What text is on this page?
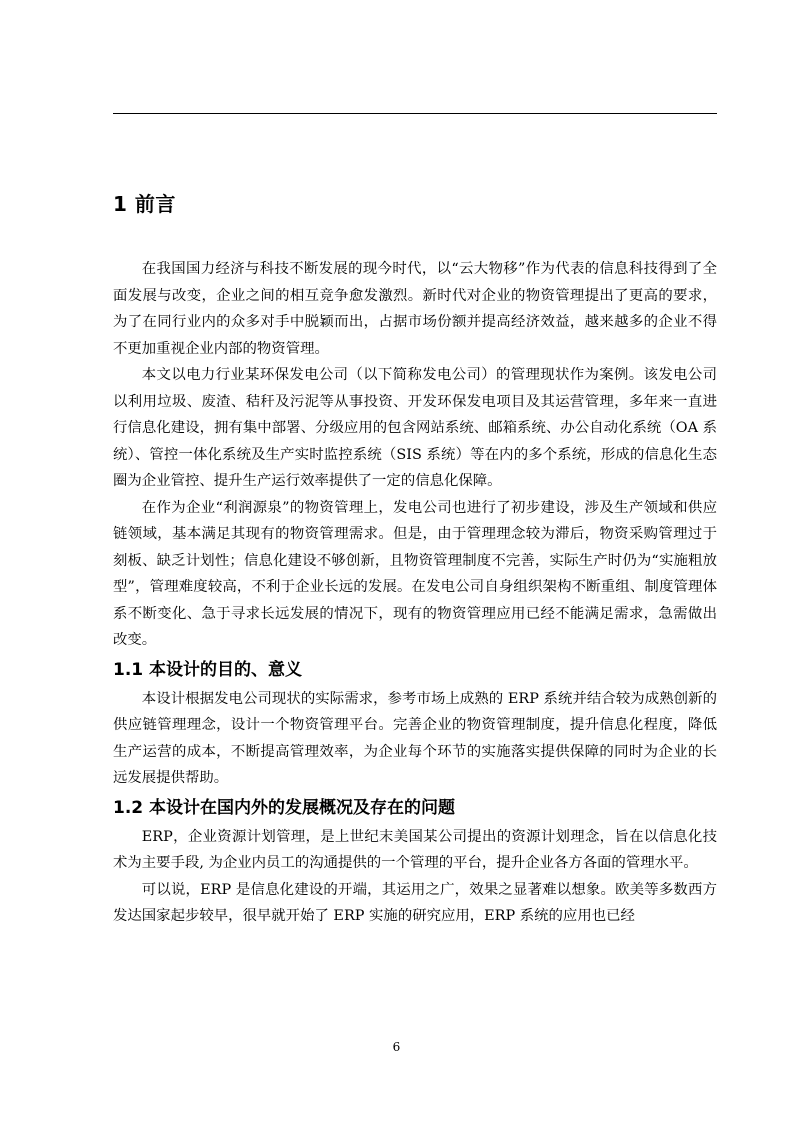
1 前言

在我国国力经济与科技不断发展的现今时代，以“云大物移”作为代表的信息科技得到了全面发展与改变，企业之间的相互竞争愈发激烈。新时代对企业的物资管理提出了更高的要求，为了在同行业内的众多对手中脱颖而出，占据市场份额并提高经济效益，越来越多的企业不得不更加重视企业内部的物资管理。

本文以电力行业某环保发电公司（以下简称发电公司）的管理现状作为案例。该发电公司以利用垃圾、废渣、秸秆及污泥等从事投资、开发环保发电项目及其运营管理，多年来一直进行信息化建设，拥有集中部署、分级应用的包含网站系统、邮箱系统、办公自动化系统（OA 系统）、管控一体化系统及生产实时监控系统（SIS 系统）等在内的多个系统，形成的信息化生态圈为企业管控、提升生产运行效率提供了一定的信息化保障。

在作为企业“利润源泉”的物资管理上，发电公司也进行了初步建设，涉及生产领域和供应链领域，基本满足其现有的物资管理需求。但是，由于管理理念较为滞后，物资采购管理过于刻板、缺乏计划性；信息化建设不够创新，且物资管理制度不完善，实际生产时仍为“实施粗放型”，管理难度较高，不利于企业长远的发展。在发电公司自身组织架构不断重组、制度管理体系不断变化、急于寻求长远发展的情况下，现有的物资管理应用已经不能满足需求，急需做出改变。

1.1 本设计的目的、意义

本设计根据发电公司现状的实际需求，参考市场上成熟的 ERP 系统并结合较为成熟创新的供应链管理理念，设计一个物资管理平台。完善企业的物资管理制度，提升信息化程度，降低生产运营的成本，不断提高管理效率，为企业每个环节的实施落实提供保障的同时为企业的长远发展提供帮助。

1.2 本设计在国内外的发展概况及存在的问题

ERP，企业资源计划管理，是上世纪末美国某公司提出的资源计划理念，旨在以信息化技术为主要手段, 为企业内员工的沟通提供的一个管理的平台，提升企业各方各面的管理水平。

可以说，ERP 是信息化建设的开端，其运用之广，效果之显著难以想象。欧美等多数西方发达国家起步较早，很早就开始了 ERP 实施的研究应用，ERP 系统的应用也已经

6
